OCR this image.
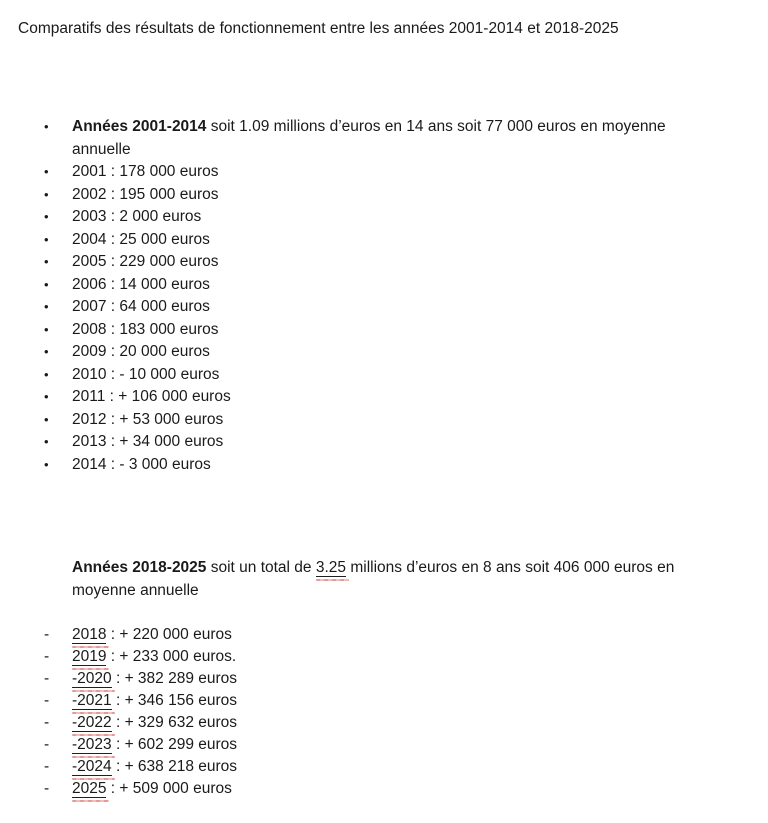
Comparatifs des résultats de fonctionnement entre les années 2001-2014 et 2018-2025
•	Années 2001-2014 soit 1.09 millions d’euros en 14 ans soit 77 000 euros en moyenne
annuelle
•	2001 : 178 000 euros
•	2002 : 195 000 euros
•	2003 : 2 000 euros
•	2004 : 25 000 euros
•	2005 : 229 000 euros
•	2006 : 14 000 euros
•	2007 : 64 000 euros
•	2008 : 183 000 euros
•	2009 : 20 000 euros
•	2010 : - 10 000 euros
•	2011 : + 106 000 euros
•	2012 : + 53 000 euros
•	2013 : + 34 000 euros
•	2014 : - 3 000 euros
Années 2018-2025 soit un total de 3.25 millions d’euros en 8 ans soit 406 000 euros en
moyenne annuelle
-	2018 : + 220 000 euros
-	2019 : + 233 000 euros.
-	-2020 : + 382 289 euros
-	-2021 : + 346 156 euros
-	-2022 : + 329 632 euros
-	-2023 : + 602 299 euros
-	-2024 : + 638 218 euros
-	2025 : + 509 000 euros
